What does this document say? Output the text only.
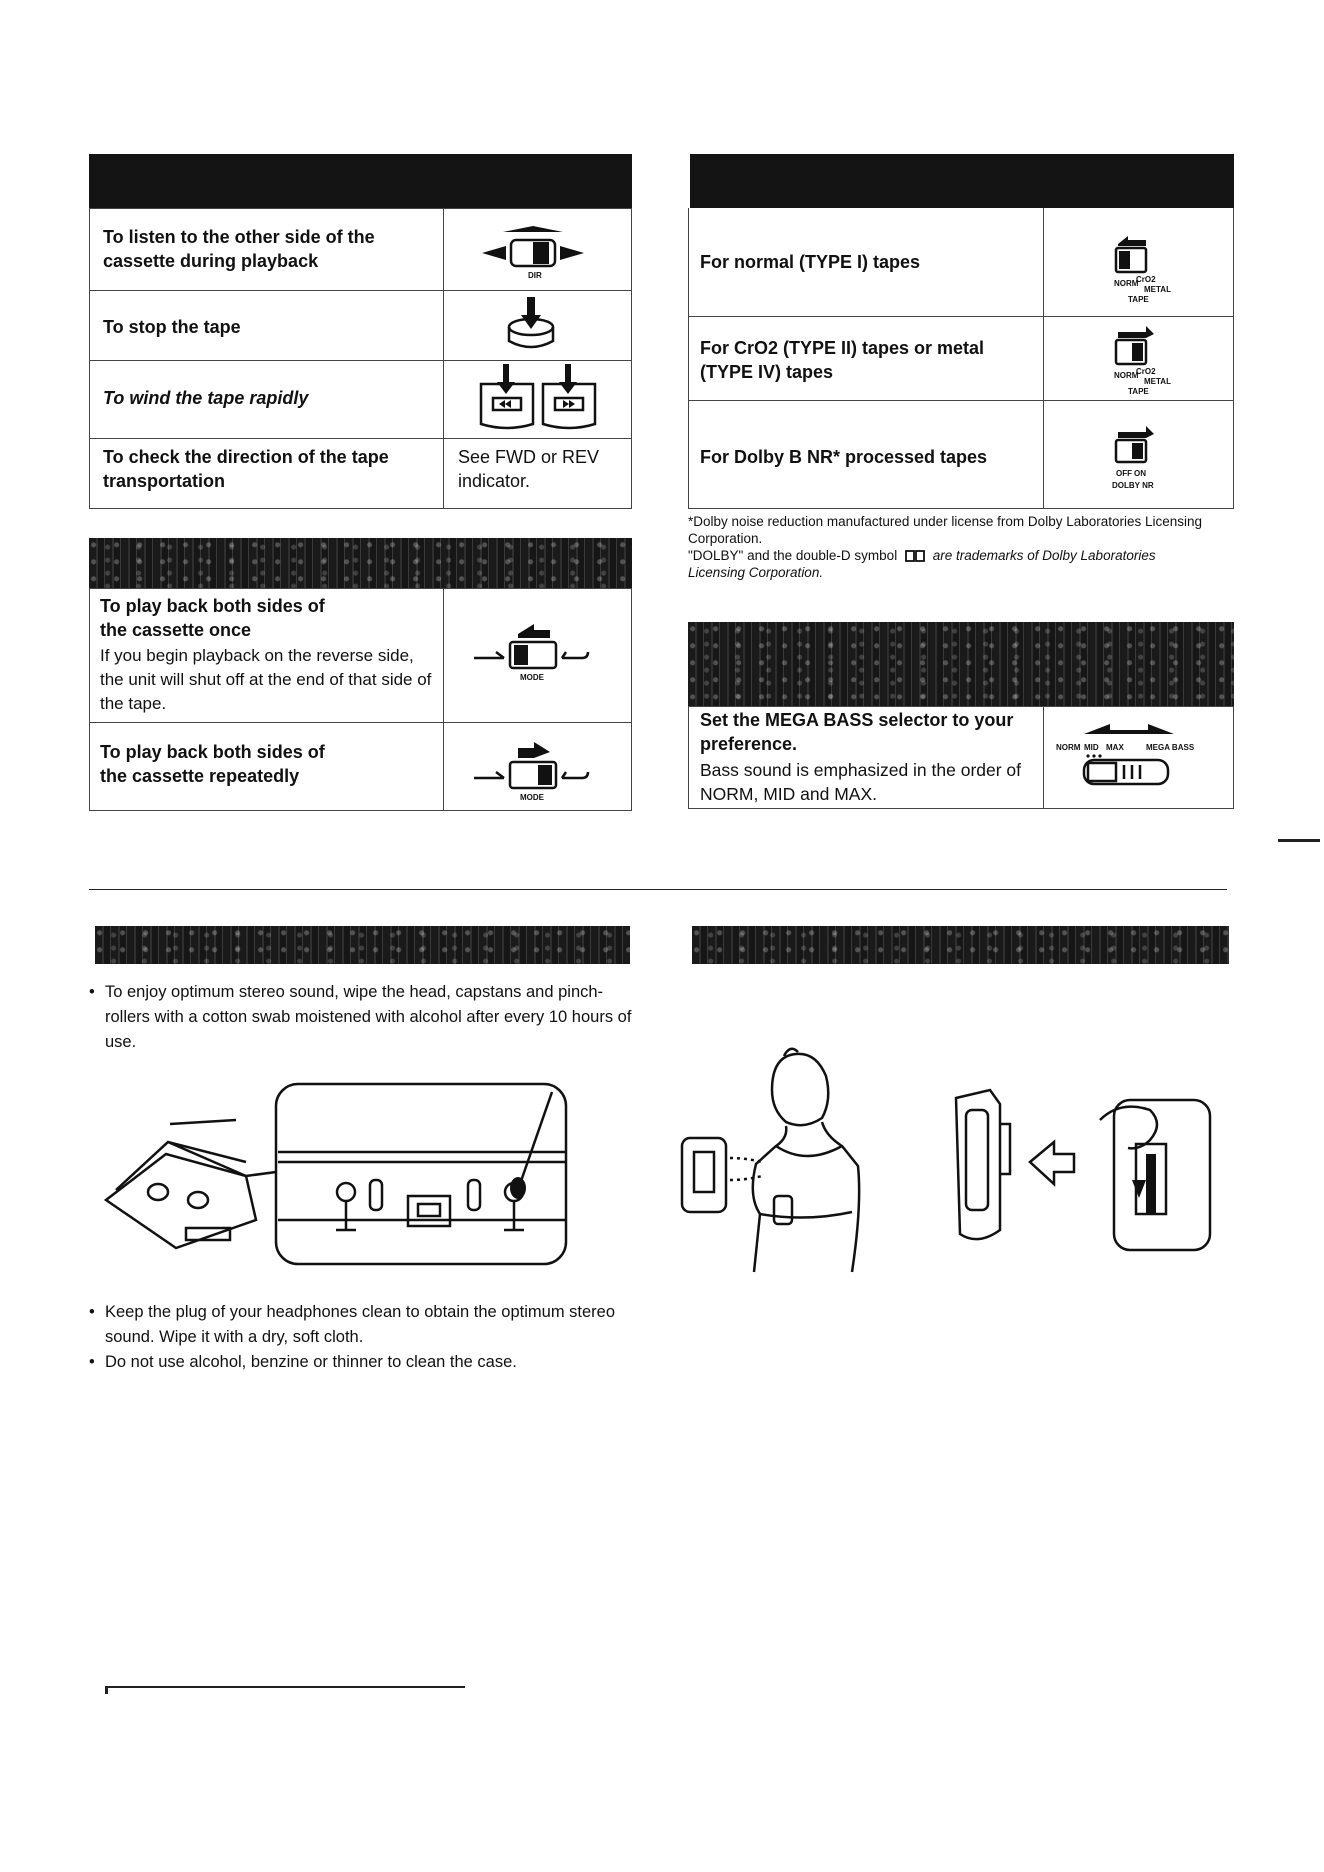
To listen to the other side of the cassette during playback
To stop the tape
To wind the tape rapidly
To check the direction of the tape transportation
See FWD or REV indicator.
DIR
To play back both sides of the cassette once
If you begin playback on the reverse side, the unit will shut off at the end of that side of the tape.
To play back both sides of the cassette repeatedly
MODE
MODE
For normal (TYPE I) tapes
For CrO2 (TYPE II) tapes or metal (TYPE IV) tapes
For Dolby B NR* processed tapes
NORM
CrO2
METAL
TAPE
NORM
CrO2
METAL
TAPE
OFF ON
DOLBY NR
*Dolby noise reduction manufactured under license from Dolby Laboratories Licensing Corporation.
"DOLBY" and the double-D symbol	are trademarks of Dolby Laboratories Licensing Corporation.
Set the MEGA BASS selector to your preference.
Bass sound is emphasized in the order of NORM, MID and MAX.
NORM MID MAX	MEGA BASS
• To enjoy optimum stereo sound, wipe the head, capstans and pinch-rollers with a cotton swab moistened with alcohol after every 10 hours of use.
• Keep the plug of your headphones clean to obtain the optimum stereo sound. Wipe it with a dry, soft cloth.
• Do not use alcohol, benzine or thinner to clean the case.
